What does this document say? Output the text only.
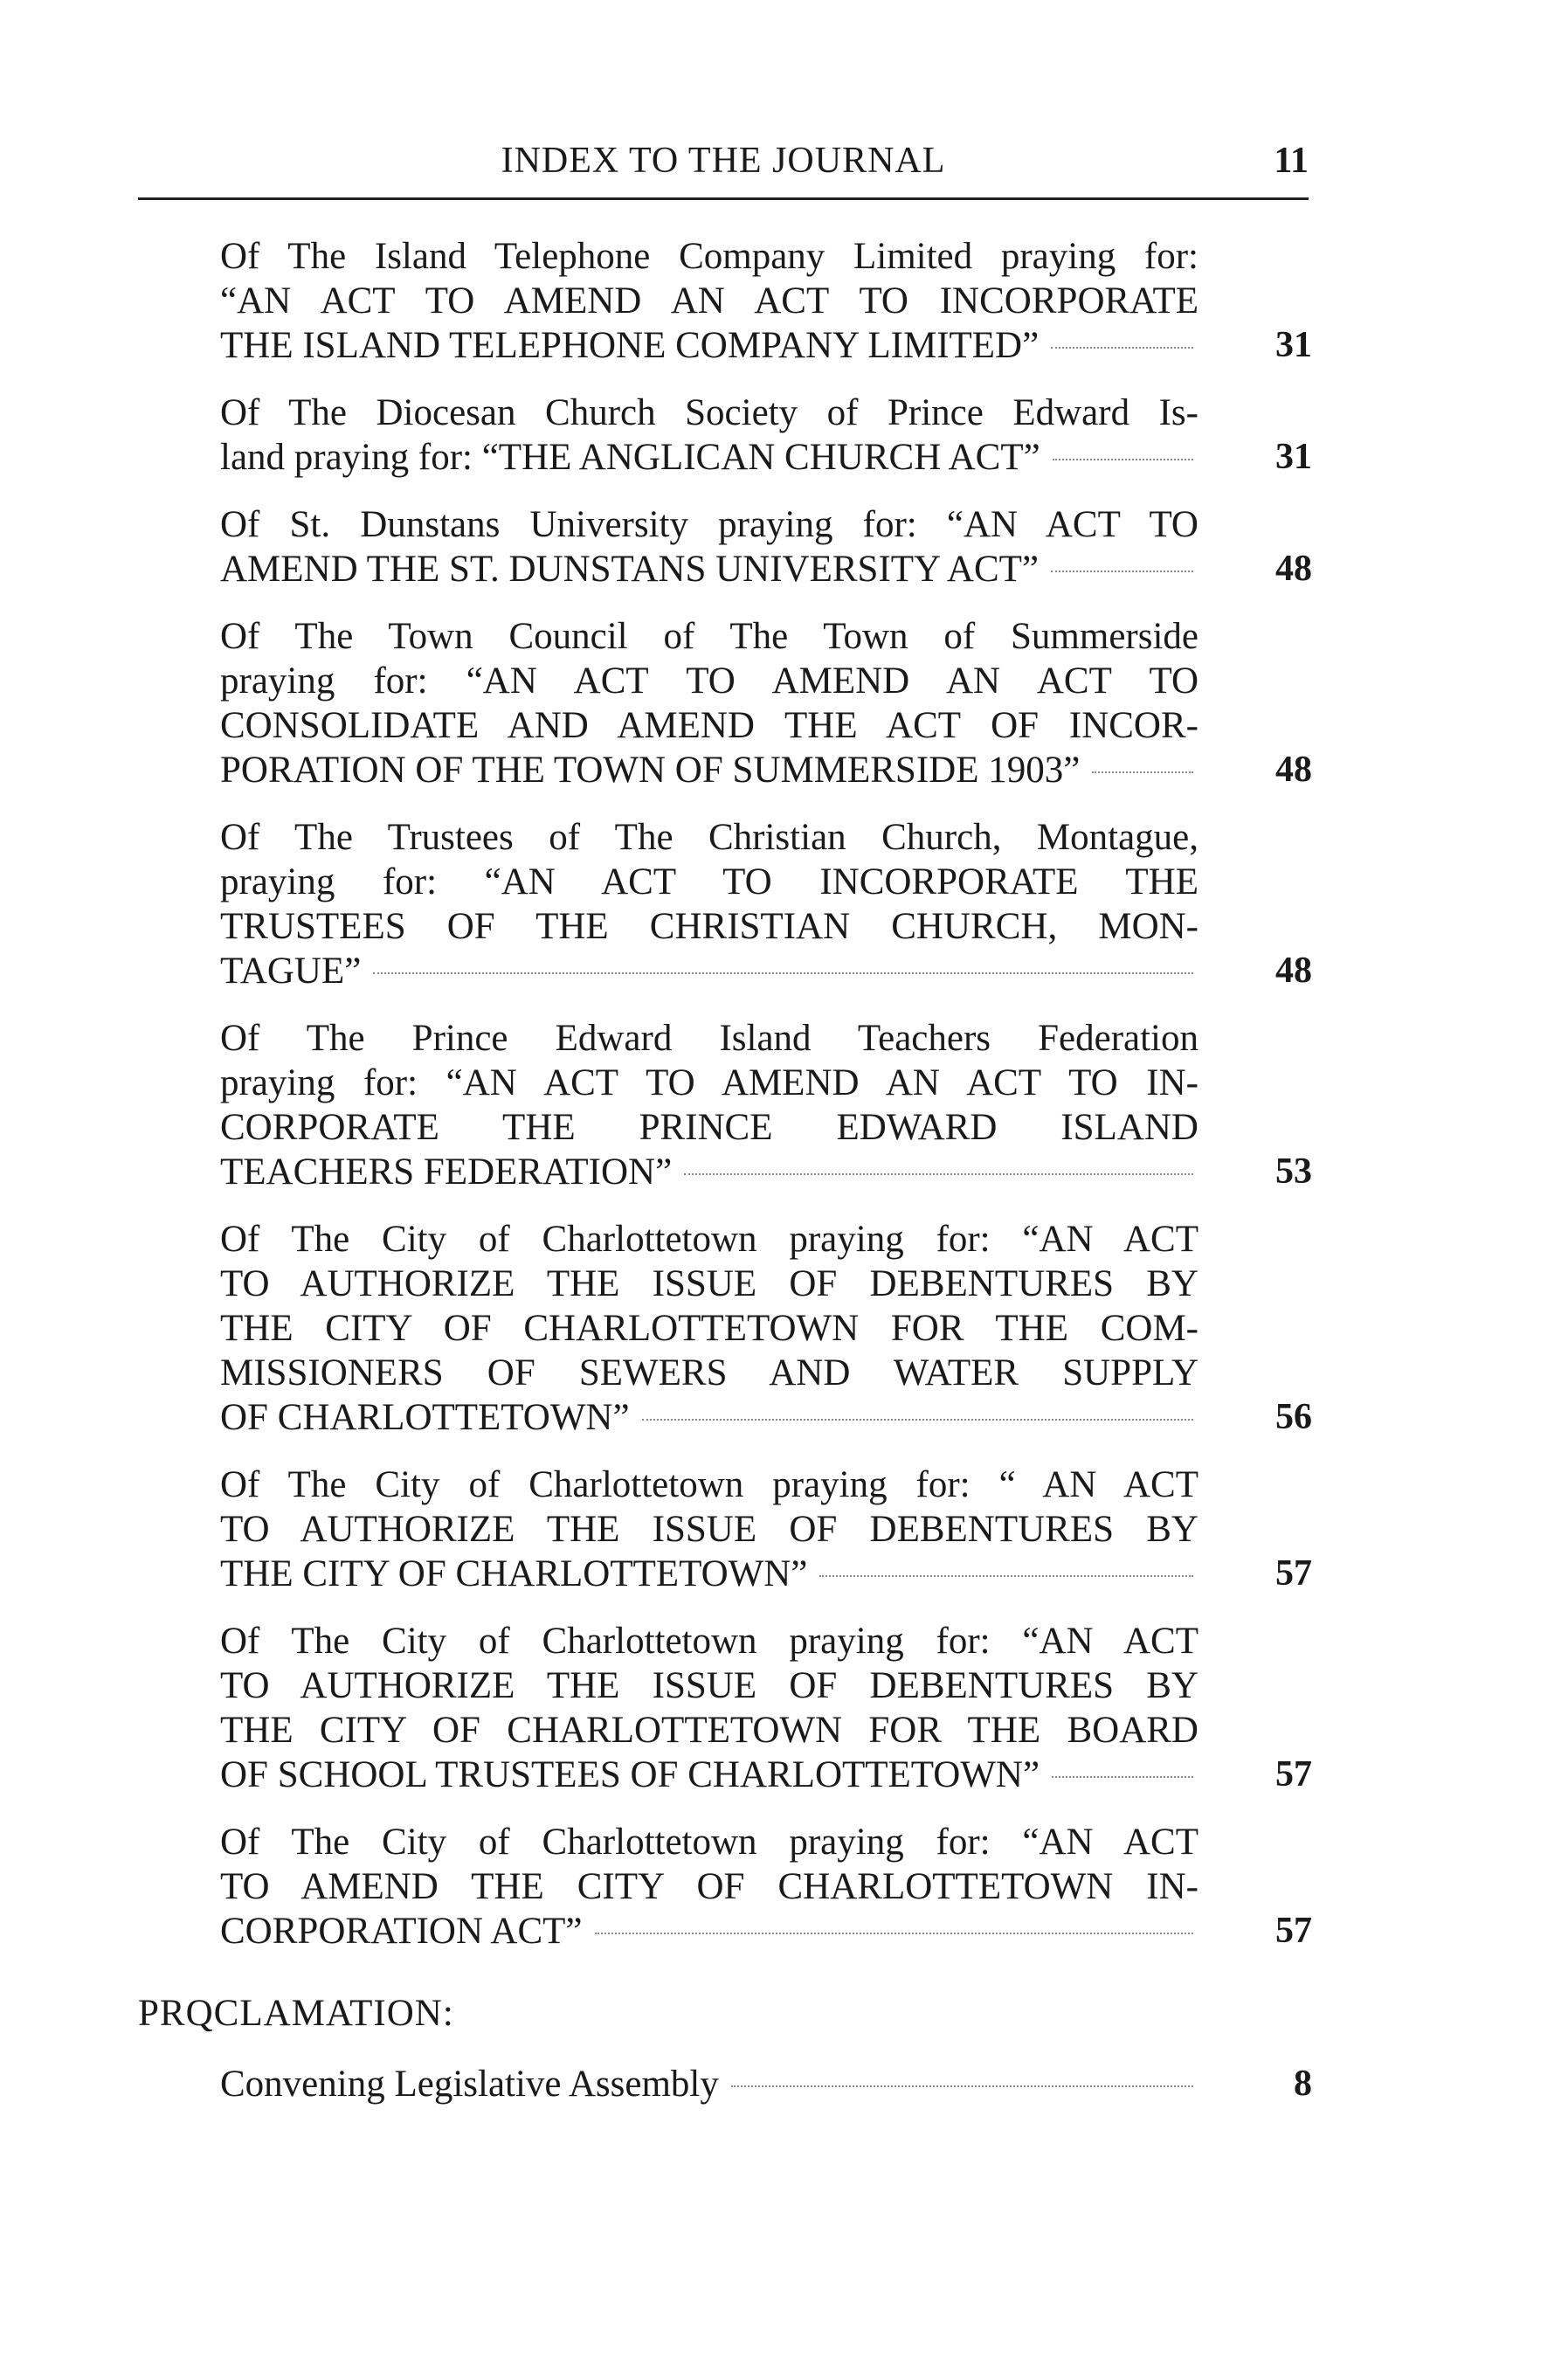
INDEX TO THE JOURNAL	11
Of The Island Telephone Company Limited praying for:
“AN ACT TO AMEND AN ACT TO INCORPORATE
THE ISLAND TELEPHONE COMPANY LIMITED”	31
Of The Diocesan Church Society of Prince Edward Is-
land praying for: “THE ANGLICAN CHURCH ACT”	31
Of St. Dunstans University praying for: “AN ACT TO
AMEND THE ST. DUNSTANS UNIVERSITY ACT”	48
Of The Town Council of The Town of Summerside
praying for: “AN ACT TO AMEND AN ACT TO
CONSOLIDATE AND AMEND THE ACT OF INCOR-
PORATION OF THE TOWN OF SUMMERSIDE 1903”	48
Of The Trustees of The Christian Church, Montague,
praying for: “AN ACT TO INCORPORATE THE
TRUSTEES OF THE CHRISTIAN CHURCH, MON-
TAGUE”	48
Of The Prince Edward Island Teachers Federation
praying for: “AN ACT TO AMEND AN ACT TO IN-
CORPORATE THE PRINCE EDWARD ISLAND
TEACHERS FEDERATION”	53
Of The City of Charlottetown praying for: “AN ACT
TO AUTHORIZE THE ISSUE OF DEBENTURES BY
THE CITY OF CHARLOTTETOWN FOR THE COM-
MISSIONERS OF SEWERS AND WATER SUPPLY
OF CHARLOTTETOWN”	56
Of The City of Charlottetown praying for: “ AN ACT
TO AUTHORIZE THE ISSUE OF DEBENTURES BY
THE CITY OF CHARLOTTETOWN”	57
Of The City of Charlottetown praying for: “AN ACT
TO AUTHORIZE THE ISSUE OF DEBENTURES BY
THE CITY OF CHARLOTTETOWN FOR THE BOARD
OF SCHOOL TRUSTEES OF CHARLOTTETOWN”	57
Of The City of Charlottetown praying for: “AN ACT
TO AMEND THE CITY OF CHARLOTTETOWN IN-
CORPORATION ACT”	57
PRQCLAMATION:
Convening Legislative Assembly	8
